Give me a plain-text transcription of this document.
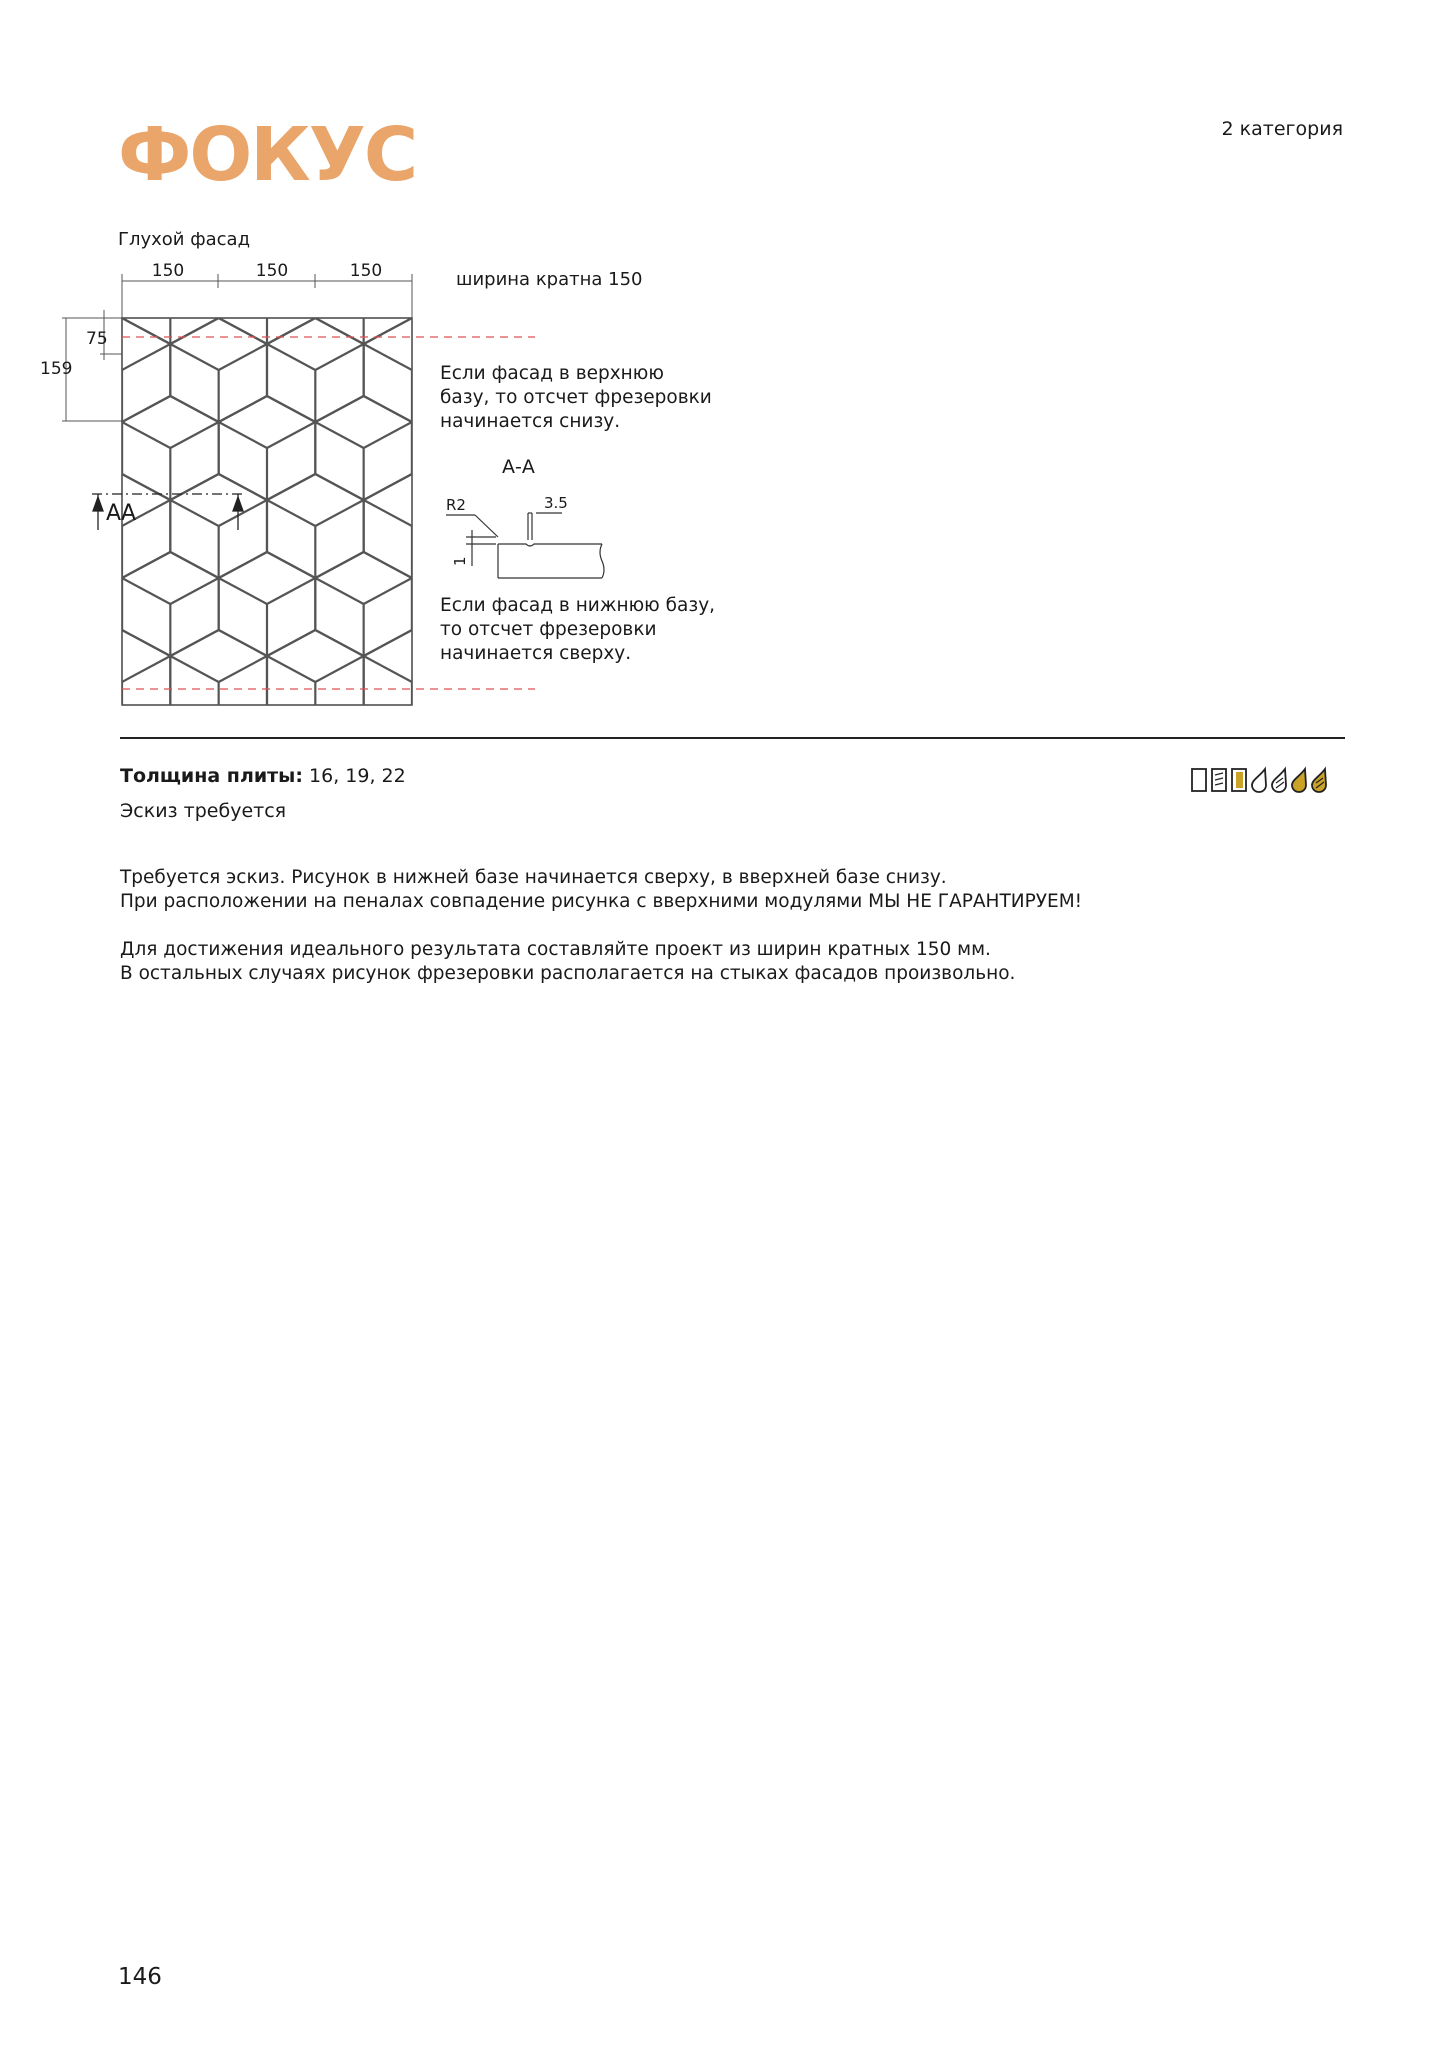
ФОКУС	2 категория
Глухой фасад
ширина кратна 150
150	150	150
75
159
АА
А-А
R2	3.5
1
Если фасад в верхнюю
базу, то отсчет фрезеровки
начинается снизу.
Если фасад в нижнюю базу,
то отсчет фрезеровки
начинается сверху.
Толщина плиты: 16, 19, 22
Эскиз требуется
Требуется эскиз. Рисунок в нижней базе начинается сверху, в вверхней базе снизу.
При расположении на пеналах совпадение рисунка с вверхними модулями МЫ НЕ ГАРАНТИРУЕМ!
Для достижения идеального результата составляйте проект из ширин кратных 150 мм.
В остальных случаях рисунок фрезеровки располагается на стыках фасадов произвольно.
146
